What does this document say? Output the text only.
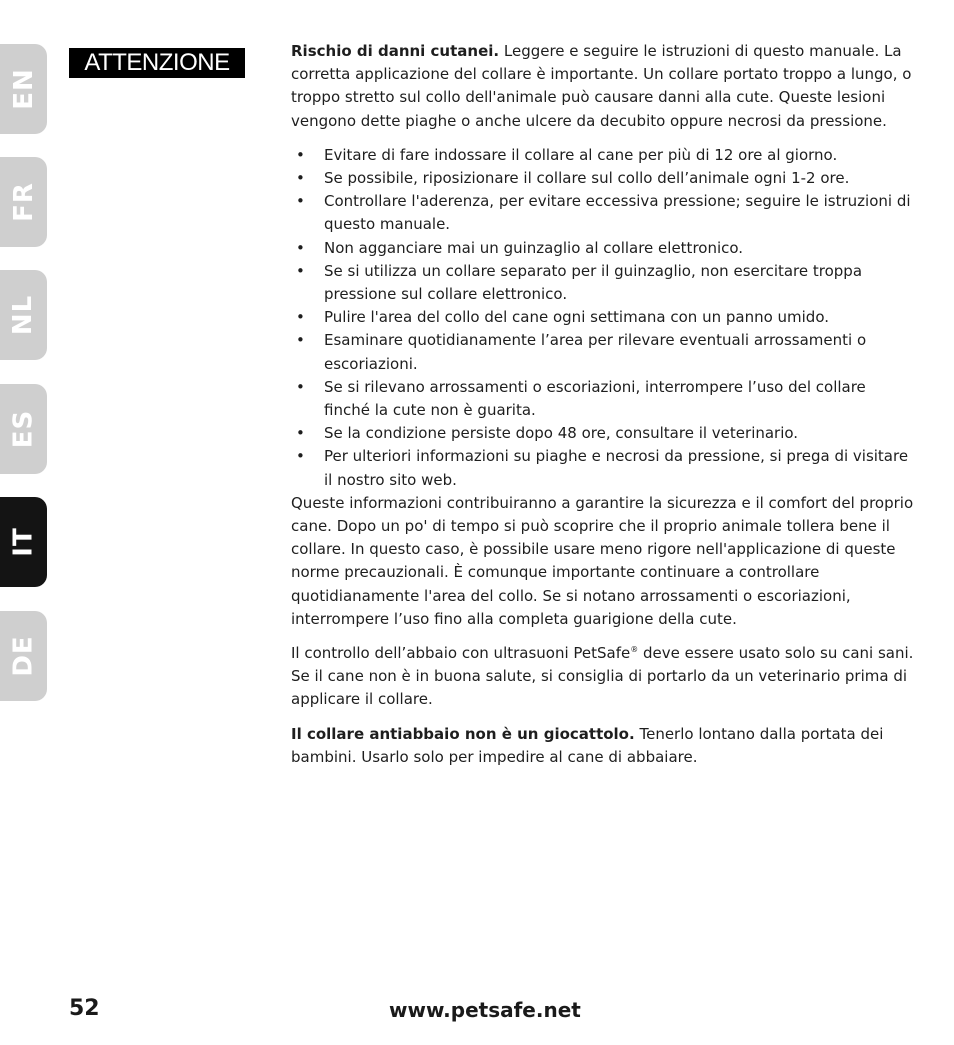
EN
FR
NL
ES
IT
DE
ATTENZIONE	Rischio di danni cutanei. Leggere e seguire le istruzioni di questo manuale. La corretta applicazione del collare è importante. Un collare portato troppo a lungo, o troppo stretto sul collo dell'animale può causare danni alla cute. Queste lesioni vengono dette piaghe o anche ulcere da decubito oppure necrosi da pressione.

• Evitare di fare indossare il collare al cane per più di 12 ore al giorno.
• Se possibile, riposizionare il collare sul collo dell’animale ogni 1-2 ore.
• Controllare l'aderenza, per evitare eccessiva pressione; seguire le istruzioni di questo manuale.
• Non agganciare mai un guinzaglio al collare elettronico.
• Se si utilizza un collare separato per il guinzaglio, non esercitare troppa pressione sul collare elettronico.
• Pulire l'area del collo del cane ogni settimana con un panno umido.
• Esaminare quotidianamente l’area per rilevare eventuali arrossamenti o escoriazioni.
• Se si rilevano arrossamenti o escoriazioni, interrompere l’uso del collare finché la cute non è guarita.
• Se la condizione persiste dopo 48 ore, consultare il veterinario.
• Per ulteriori informazioni su piaghe e necrosi da pressione, si prega di visitare il nostro sito web.

Queste informazioni contribuiranno a garantire la sicurezza e il comfort del proprio cane. Dopo un po' di tempo si può scoprire che il proprio animale tollera bene il collare. In questo caso, è possibile usare meno rigore nell'applicazione di queste norme precauzionali. È comunque importante continuare a controllare quotidianamente l'area del collo. Se si notano arrossamenti o escoriazioni, interrompere l’uso fino alla completa guarigione della cute.

Il controllo dell’abbaio con ultrasuoni PetSafe® deve essere usato solo su cani sani. Se il cane non è in buona salute, si consiglia di portarlo da un veterinario prima di applicare il collare.

Il collare antiabbaio non è un giocattolo. Tenerlo lontano dalla portata dei bambini. Usarlo solo per impedire al cane di abbaiare.

52	www.petsafe.net
